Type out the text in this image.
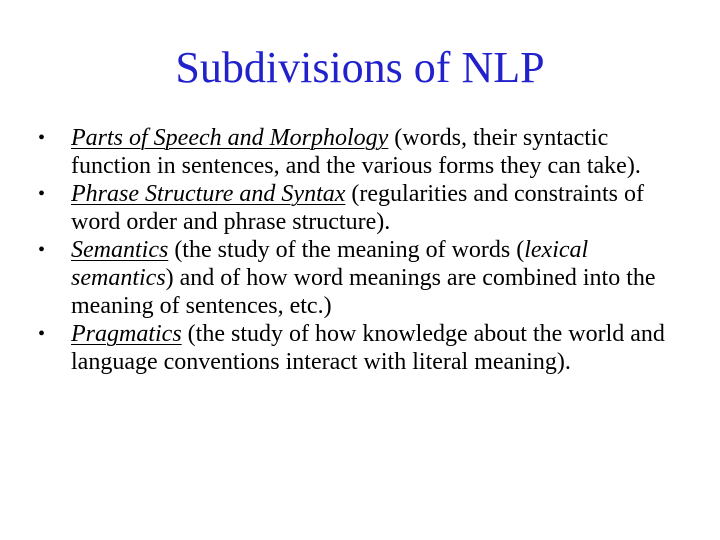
Subdivisions of NLP
• Parts of Speech and Morphology (words, their syntactic function in sentences, and the various forms they can take).
• Phrase Structure and Syntax (regularities and constraints of word order and phrase structure).
• Semantics (the study of the meaning of words (lexical semantics) and of how word meanings are combined into the meaning of sentences, etc.)
• Pragmatics (the study of how knowledge about the world and language conventions interact with literal meaning).
